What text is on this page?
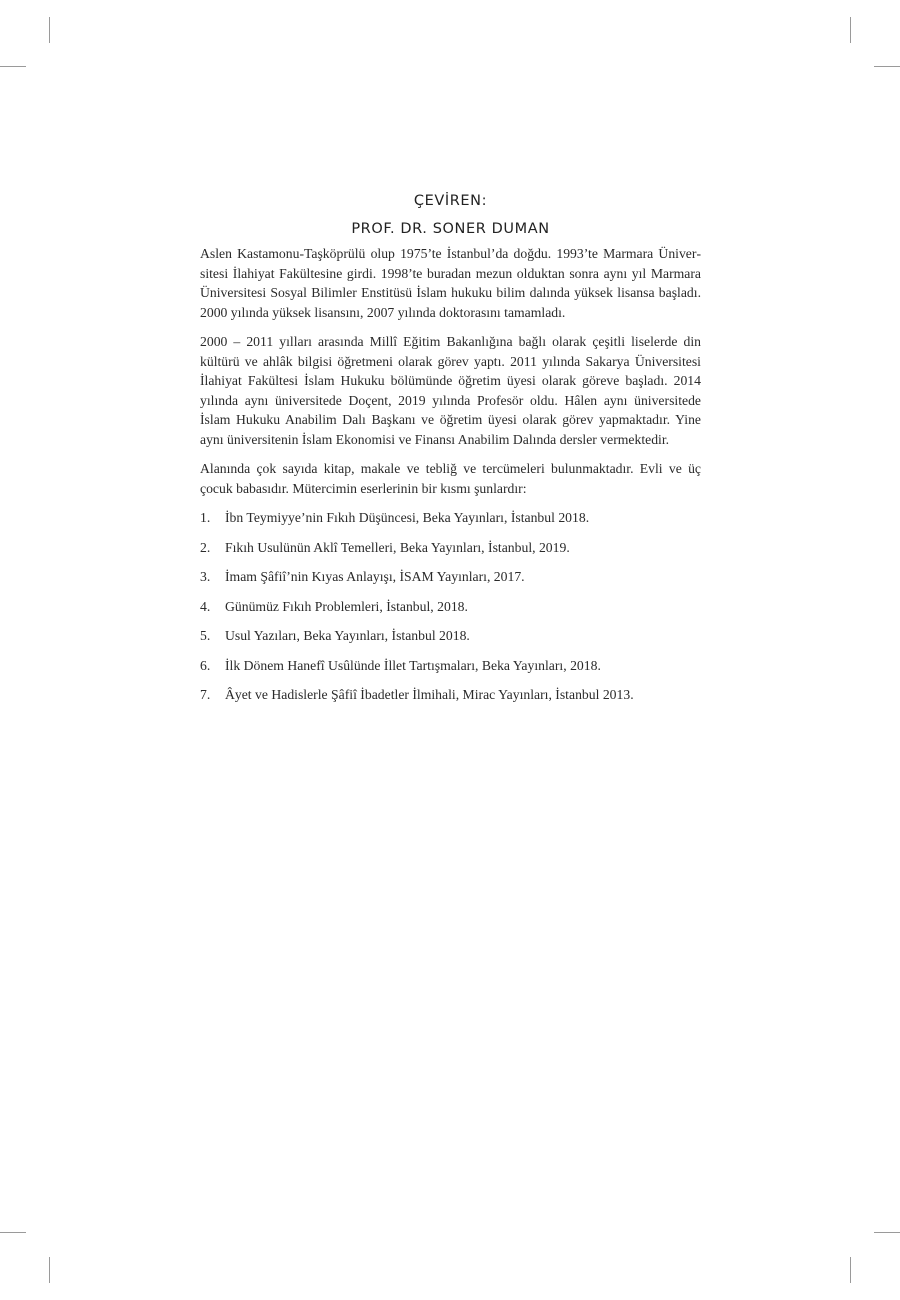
ÇEVİREN:
PROF. DR. SONER DUMAN

Aslen Kastamonu-Taşköprülü olup 1975’te İstanbul’da doğdu. 1993’te Marmara Üniversitesi İlahiyat Fakültesine girdi. 1998’te buradan mezun olduktan sonra aynı yıl Marmara Üniversitesi Sosyal Bilimler Enstitüsü İslam hukuku bilim dalında yüksek lisansa başladı. 2000 yılında yüksek lisansını, 2007 yılında doktorasını tamamladı.

2000 – 2011 yılları arasında Millî Eğitim Bakanlığına bağlı olarak çeşitli liselerde din kültürü ve ahlâk bilgisi öğretmeni olarak görev yaptı. 2011 yılında Sakarya Üniversitesi İlahiyat Fakültesi İslam Hukuku bölümünde öğretim üyesi olarak göreve başladı. 2014 yılında aynı üniversitede Doçent, 2019 yılında Profesör oldu. Hâlen aynı üniversitede İslam Hukuku Anabilim Dalı Başkanı ve öğretim üyesi olarak görev yapmaktadır. Yine aynı üniversitenin İslam Ekonomisi ve Finansı Anabilim Dalında dersler vermektedir.

Alanında çok sayıda kitap, makale ve tebliğ ve tercümeleri bulunmaktadır. Evli ve üç çocuk babasıdır. Mütercimin eserlerinin bir kısmı şunlardır:

1.	İbn Teymiyye’nin Fıkıh Düşüncesi, Beka Yayınları, İstanbul 2018.
2.	Fıkıh Usulünün Aklî Temelleri, Beka Yayınları, İstanbul, 2019.
3.	İmam Şâfiî’nin Kıyas Anlayışı, İSAM Yayınları, 2017.
4.	Günümüz Fıkıh Problemleri, İstanbul, 2018.
5.	Usul Yazıları, Beka Yayınları, İstanbul 2018.
6.	İlk Dönem Hanefî Usûlünde İllet Tartışmaları, Beka Yayınları, 2018.
7.	Âyet ve Hadislerle Şâfiî İbadetler İlmihali, Mirac Yayınları, İstanbul 2013.
